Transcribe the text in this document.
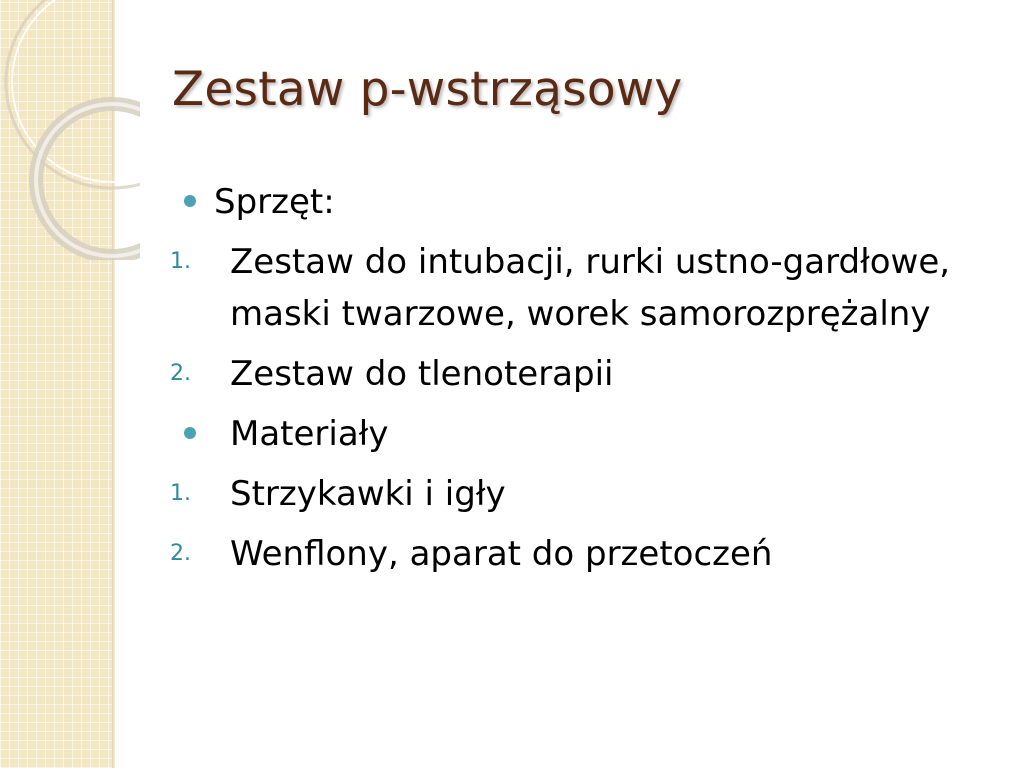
Zestaw p-wstrząsowy
Sprzęt:
1. Zestaw do intubacji, rurki ustno-gardłowe, maski twarzowe, worek samorozprężalny
2. Zestaw do tlenoterapii
Materiały
1. Strzykawki i igły
2. Wenflony, aparat do przetoczeń
